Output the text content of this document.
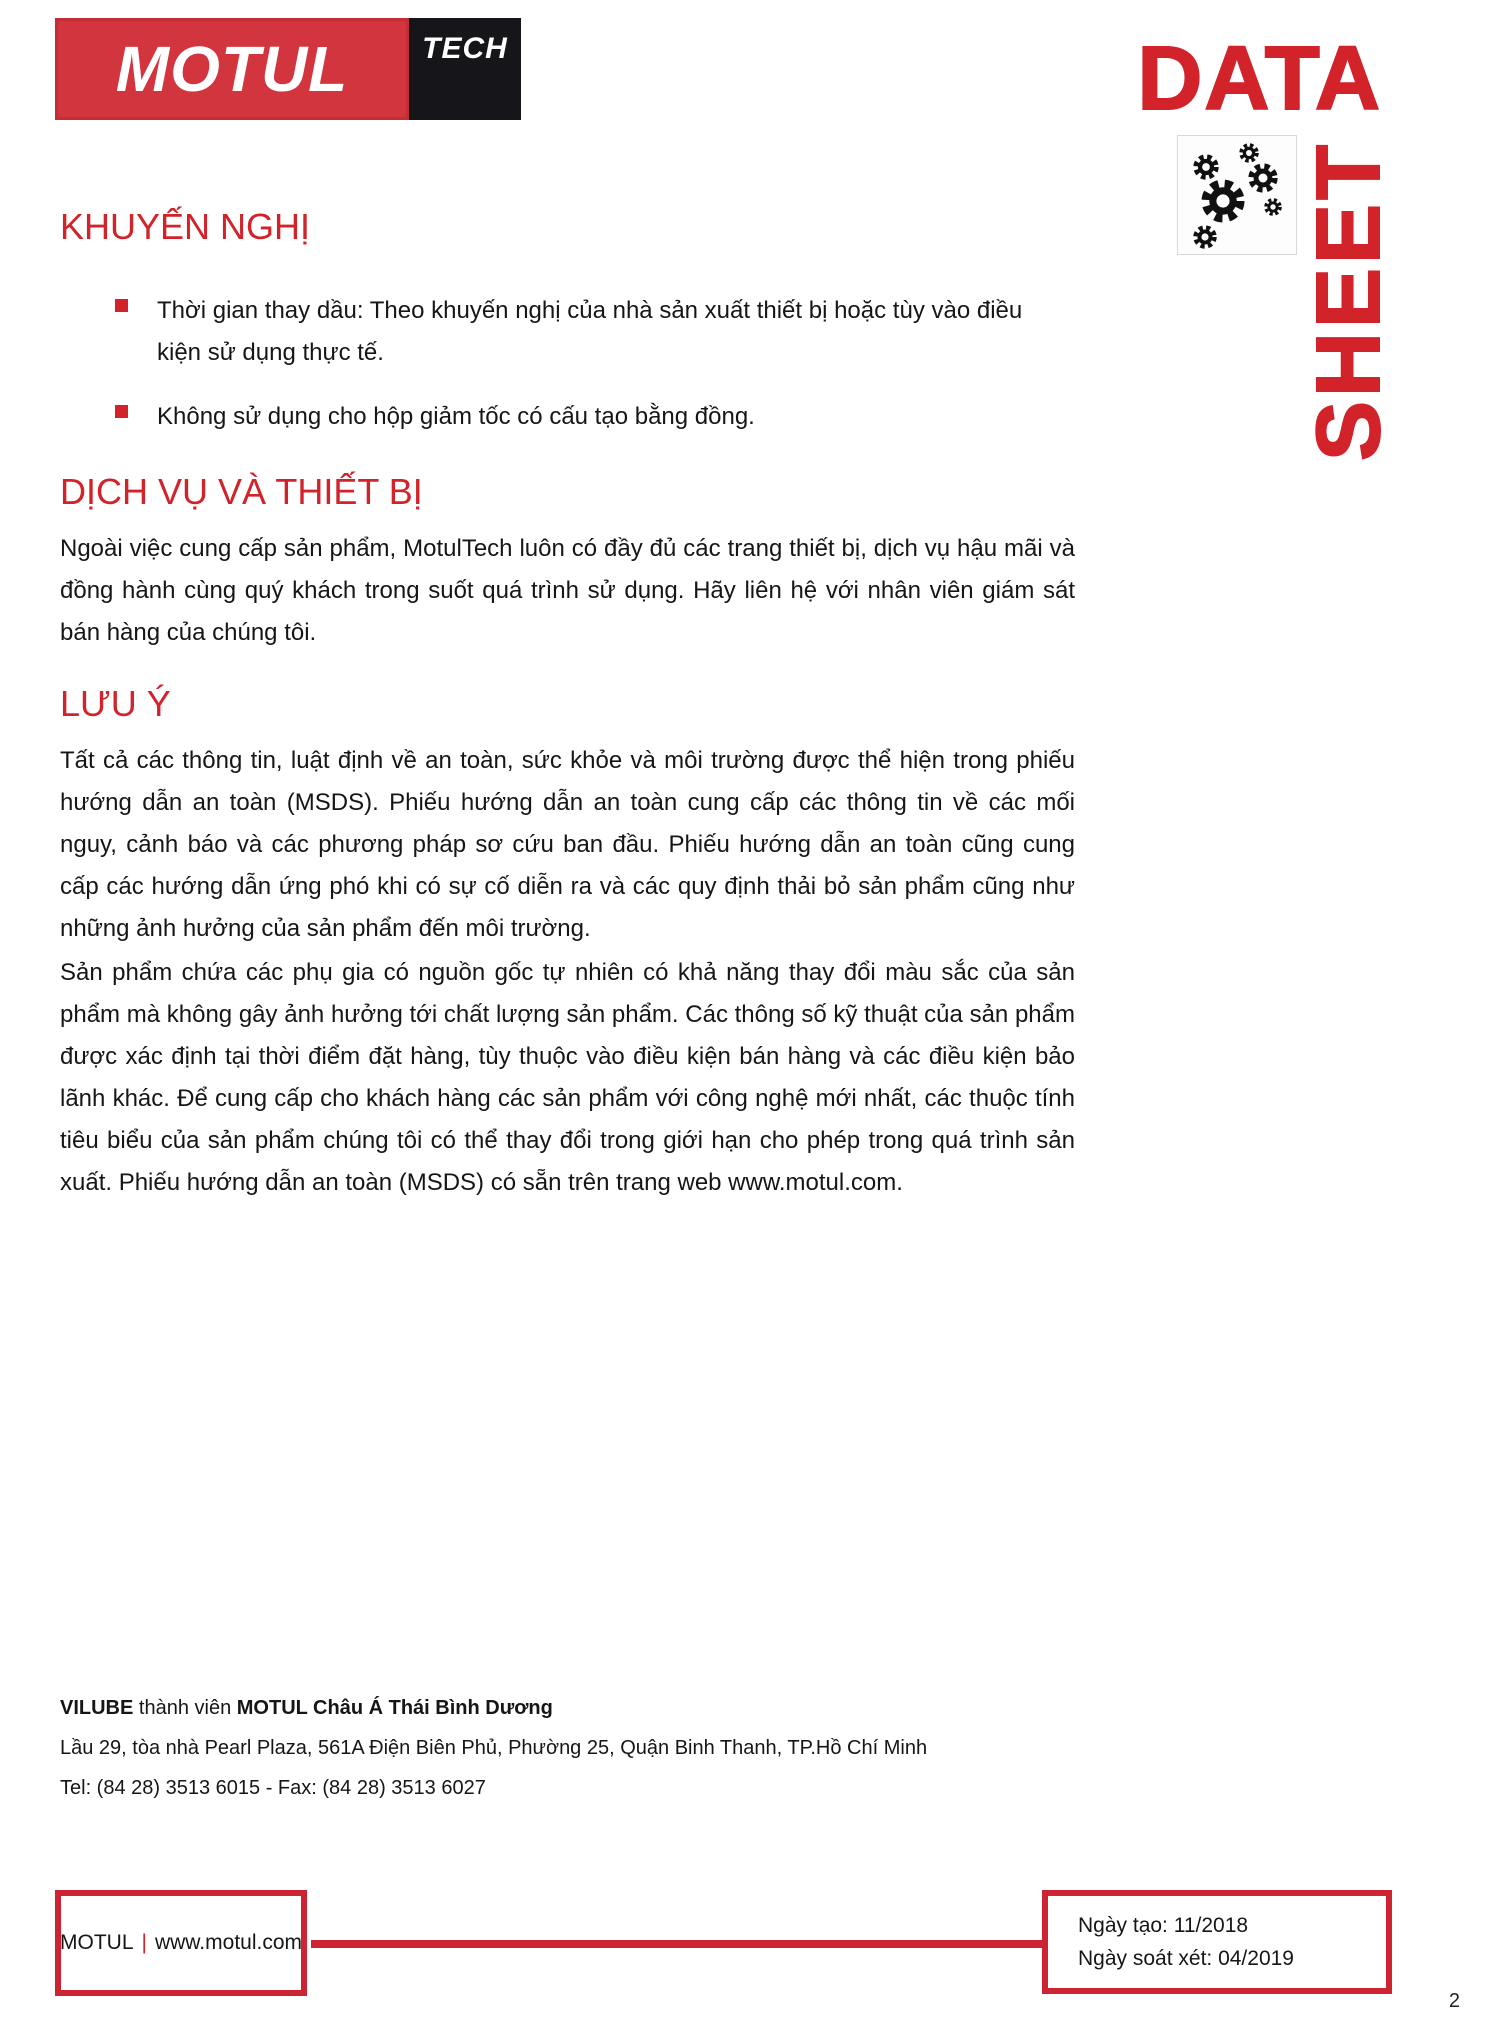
MOTUL TECH	DATA
SHEET
KHUYẾN NGHỊ
Thời gian thay dầu: Theo khuyến nghị của nhà sản xuất thiết bị hoặc tùy vào điều kiện sử dụng thực tế.
Không sử dụng cho hộp giảm tốc có cấu tạo bằng đồng.
DỊCH VỤ VÀ THIẾT BỊ
Ngoài việc cung cấp sản phẩm, MotulTech luôn có đầy đủ các trang thiết bị, dịch vụ hậu mãi và đồng hành cùng quý khách trong suốt quá trình sử dụng. Hãy liên hệ với nhân viên giám sát bán hàng của chúng tôi.
LƯU Ý
Tất cả các thông tin, luật định về an toàn, sức khỏe và môi trường được thể hiện trong phiếu hướng dẫn an toàn (MSDS). Phiếu hướng dẫn an toàn cung cấp các thông tin về các mối nguy, cảnh báo và các phương pháp sơ cứu ban đầu. Phiếu hướng dẫn an toàn cũng cung cấp các hướng dẫn ứng phó khi có sự cố diễn ra và các quy định thải bỏ sản phẩm cũng như những ảnh hưởng của sản phẩm đến môi trường.
Sản phẩm chứa các phụ gia có nguồn gốc tự nhiên có khả năng thay đổi màu sắc của sản phẩm mà không gây ảnh hưởng tới chất lượng sản phẩm. Các thông số kỹ thuật của sản phẩm được xác định tại thời điểm đặt hàng, tùy thuộc vào điều kiện bán hàng và các điều kiện bảo lãnh khác. Để cung cấp cho khách hàng các sản phẩm với công nghệ mới nhất, các thuộc tính tiêu biểu của sản phẩm chúng tôi có thể thay đổi trong giới hạn cho phép trong quá trình sản xuất. Phiếu hướng dẫn an toàn (MSDS) có sẵn trên trang web www.motul.com.
VILUBE thành viên MOTUL Châu Á Thái Bình Dương
Lầu 29, tòa nhà Pearl Plaza, 561A Điện Biên Phủ, Phường 25, Quận Binh Thanh, TP.Hồ Chí Minh
Tel: (84 28) 3513 6015 - Fax: (84 28) 3513 6027
MOTUL | www.motul.com
Ngày tạo: 11/2018
Ngày soát xét: 04/2019
2
